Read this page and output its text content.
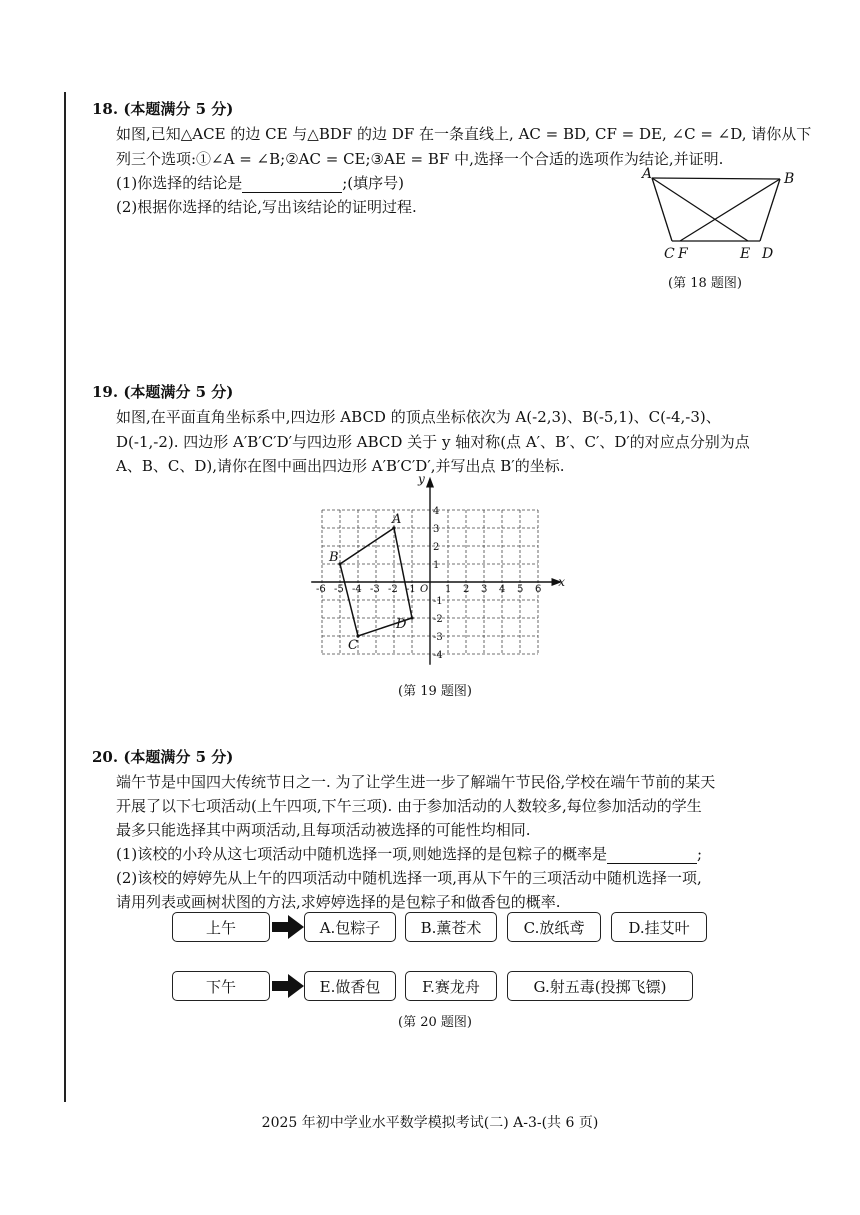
18. (本题满分 5 分)
如图,已知△ACE 的边 CE 与△BDF 的边 DF 在一条直线上, AC = BD, CF = DE, ∠C = ∠D, 请你从下
列三个选项:①∠A = ∠B;②AC = CE;③AE = BF 中,选择一个合适的选项作为结论,并证明.
(1)你选择的结论是	;(填序号)
(2)根据你选择的结论,写出该结论的证明过程.
A	B
C F	E D
(第 18 题图)
19. (本题满分 5 分)
如图,在平面直角坐标系中,四边形 ABCD 的顶点坐标依次为 A(-2,3)、B(-5,1)、C(-4,-3)、
D(-1,-2). 四边形 A′B′C′D′与四边形 ABCD 关于 y 轴对称(点 A′、B′、C′、D′的对应点分别为点
A、B、C、D),请你在图中画出四边形 A′B′C′D′,并写出点 B′的坐标.
-6 -5 -4 -3 -2 -1	1 2 3 4 5 6
4
3
2
1
-1
-2
-3
-4
O
x
y
A
B
C
D
(第 19 题图)
20. (本题满分 5 分)
端午节是中国四大传统节日之一. 为了让学生进一步了解端午节民俗,学校在端午节前的某天
开展了以下七项活动(上午四项,下午三项). 由于参加活动的人数较多,每位参加活动的学生
最多只能选择其中两项活动,且每项活动被选择的可能性均相同.
(1)该校的小玲从这七项活动中随机选择一项,则她选择的是包粽子的概率是	;
(2)该校的婷婷先从上午的四项活动中随机选择一项,再从下午的三项活动中随机选择一项,
请用列表或画树状图的方法,求婷婷选择的是包粽子和做香包的概率.
上午	A.包粽子	B.薰苍术	C.放纸鸢	D.挂艾叶
下午	E.做香包	F.赛龙舟	G.射五毒(投掷飞镖)
(第 20 题图)
2025 年初中学业水平数学模拟考试(二) A-3-(共 6 页)
